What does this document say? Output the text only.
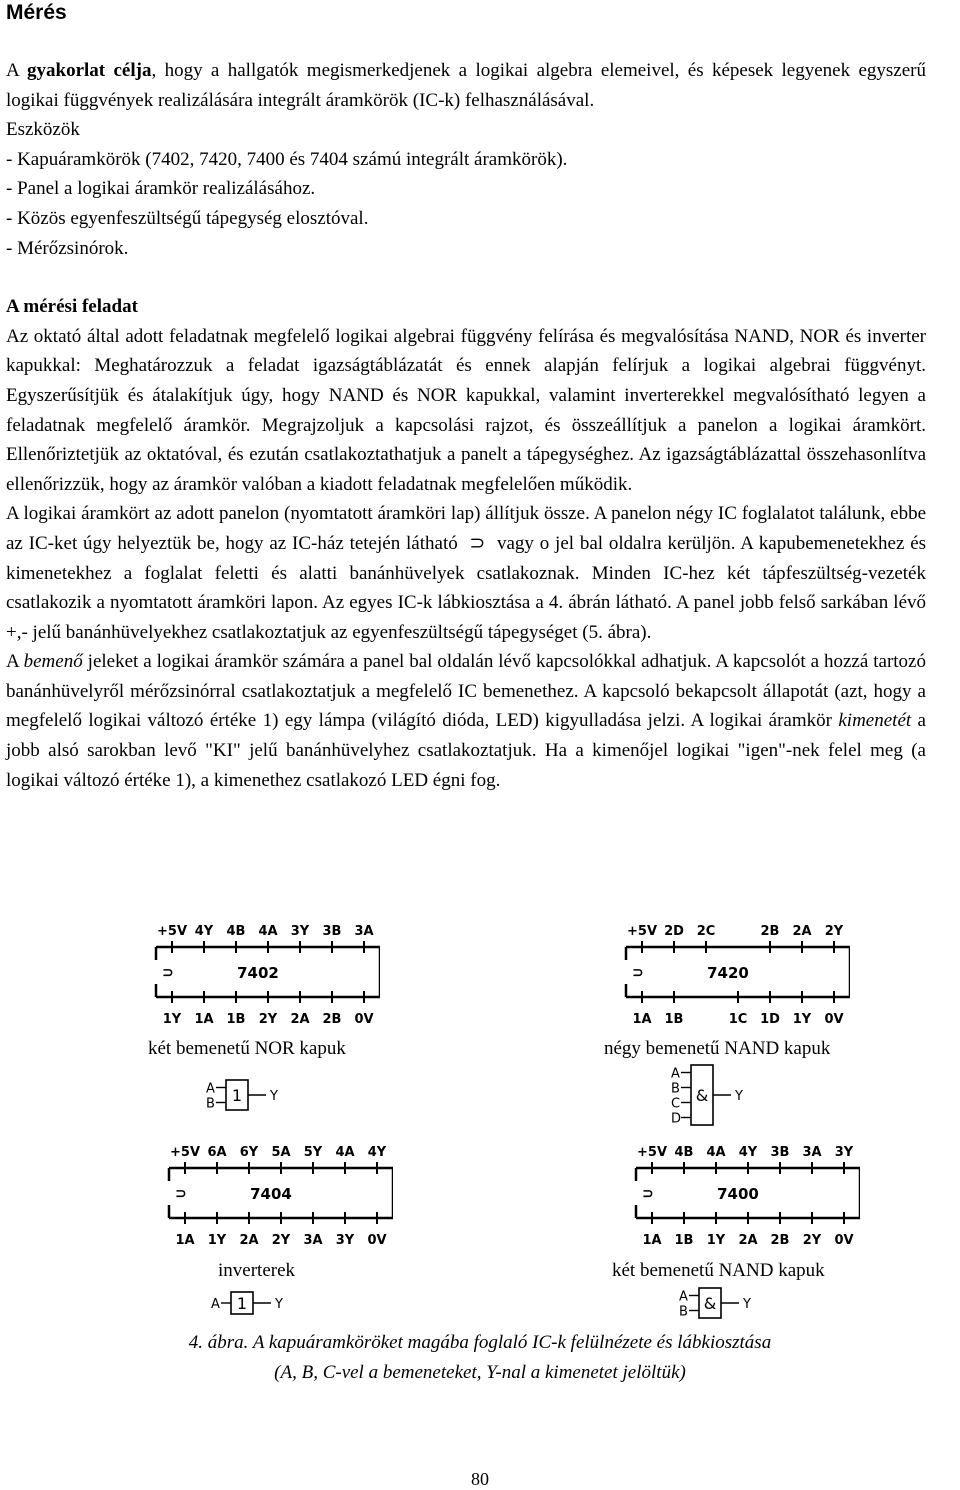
Mérés

A gyakorlat célja, hogy a hallgatók megismerkedjenek a logikai algebra elemeivel, és képesek legyenek egyszerű logikai függvények realizálására integrált áramkörök (IC-k) felhasználásával.

Eszközök

- Kapuáramkörök (7402, 7420, 7400 és 7404 számú integrált áramkörök).

- Panel a logikai áramkör realizálásához.

- Közös egyenfeszültségű tápegység elosztóval.

- Mérőzsinórok.

A mérési feladat

Az oktató által adott feladatnak megfelelő logikai algebrai függvény felírása és megvalósítása NAND, NOR és inverter kapukkal: Meghatározzuk a feladat igazságtáblázatát és ennek alapján felírjuk a logikai algebrai függvényt. Egyszerűsítjük és átalakítjuk úgy, hogy NAND és NOR kapukkal, valamint inverterekkel megvalósítható legyen a feladatnak megfelelő áramkör. Megrajzoljuk a kapcsolási rajzot, és összeállítjuk a panelon a logikai áramkört. Ellenőriztetjük az oktatóval, és ezután csatlakoztathatjuk a panelt a tápegységhez. Az igazságtáblázattal összehasonlítva ellenőrizzük, hogy az áramkör valóban a kiadott feladatnak megfelelően működik.

A logikai áramkört az adott panelon (nyomtatott áramköri lap) állítjuk össze. A panelon négy IC foglalatot találunk, ebbe az IC-ket úgy helyeztük be, hogy az IC-ház tetején látható ⊃ vagy o jel bal oldalra kerüljön. A kapubemenetekhez és kimenetekhez a foglalat feletti és alatti banánhüvelyek csatlakoznak. Minden IC-hez két tápfeszültség-vezeték csatlakozik a nyomtatott áramköri lapon. Az egyes IC-k lábkiosztása a 4. ábrán látható. A panel jobb felső sarkában lévő +,- jelű banánhüvelyekhez csatlakoztatjuk az egyenfeszültségű tápegységet (5. ábra).

A bemenő jeleket a logikai áramkör számára a panel bal oldalán lévő kapcsolókkal adhatjuk. A kapcsolót a hozzá tartozó banánhüvelyről mérőzsinórral csatlakoztatjuk a megfelelő IC bemenethez. A kapcsoló bekapcsolt állapotát (azt, hogy a megfelelő logikai változó értéke 1) egy lámpa (világító dióda, LED) kigyulladása jelzi. A logikai áramkör kimenetét a jobb alsó sarokban levő "KI" jelű banánhüvelyhez csatlakoztatjuk. Ha a kimenőjel logikai "igen"-nek felel meg (a logikai változó értéke 1), a kimenethez csatlakozó LED égni fog.

+5V 4Y 4B 4A 3Y 3B 3A
⊃	7402
1Y 1A 1B 2Y 2A 2B 0V
két bemenetű NOR kapuk
A
B 1 Y
+5V 2D 2C	2B 2A 2Y
⊃	7420
1A 1B	1C 1D 1Y 0V
négy bemenetű NAND kapuk
A
B
C
D
& Y
+5V 6A 6Y 5A 5Y 4A 4Y
⊃	7404
1A 1Y 2A 2Y 3A 3Y 0V
inverterek
A 1 Y
+5V 4B 4A 4Y 3B 3A 3Y
⊃	7400
1A 1B 1Y 2A 2B 2Y 0V
két bemenetű NAND kapuk
A
B & Y
4. ábra. A kapuáramköröket magába foglaló IC-k felülnézete és lábkiosztása
(A, B, C-vel a bemeneteket, Y-nal a kimenetet jelöltük)
80
